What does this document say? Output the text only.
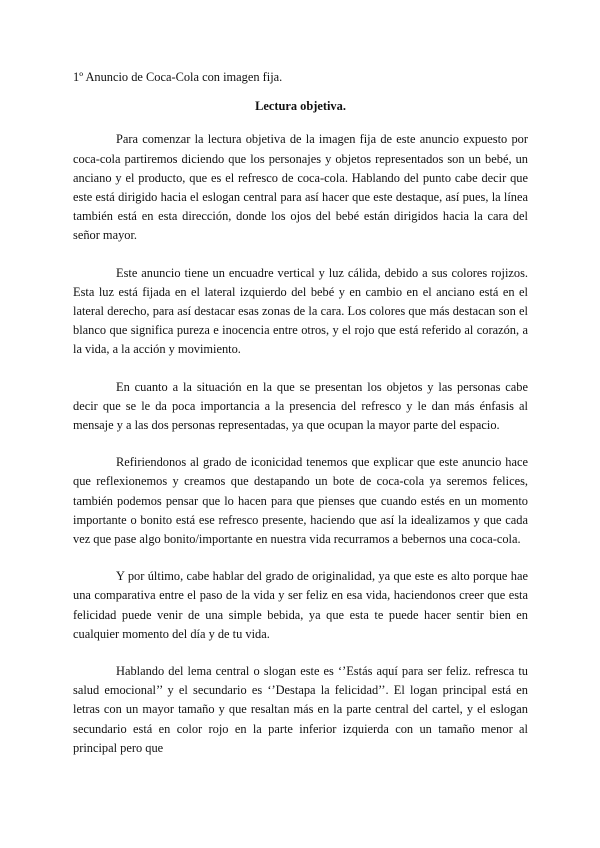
1º Anuncio de Coca-Cola con imagen fija.

Lectura objetiva.

Para comenzar la lectura objetiva de la imagen fija de este anuncio expuesto por coca-cola partiremos diciendo que los personajes y objetos representados son un bebé, un anciano y el producto, que es el refresco de coca-cola. Hablando del punto cabe decir que este está dirigido hacia el eslogan central para así hacer que este destaque, así pues, la línea también está en esta dirección, donde los ojos del bebé están dirigidos hacia la cara del señor mayor.

Este anuncio tiene un encuadre vertical y luz cálida, debido a sus colores rojizos. Esta luz está fijada en el lateral izquierdo del bebé y en cambio en el anciano está en el lateral derecho, para así destacar esas zonas de la cara. Los colores que más destacan son el blanco que significa pureza e inocencia entre otros, y el rojo que está referido al corazón, a la vida, a la acción y movimiento.

En cuanto a la situación en la que se presentan los objetos y las personas cabe decir que se le da poca importancia a la presencia del refresco y le dan más énfasis al mensaje y a las dos personas representadas, ya que ocupan la mayor parte del espacio.

Refiriendonos al grado de iconicidad tenemos que explicar que este anuncio hace que reflexionemos y creamos que destapando un bote de coca-cola ya seremos felices, también podemos pensar que lo hacen para que pienses que cuando estés en un momento importante o bonito está ese refresco presente, haciendo que así la idealizamos y que cada vez que pase algo bonito/importante en nuestra vida recurramos a bebernos una coca-cola.

Y por último, cabe hablar del grado de originalidad, ya que este es alto porque hae una comparativa entre el paso de la vida y ser feliz en esa vida, haciendonos creer que esta felicidad puede venir de una simple bebida, ya que esta te puede hacer sentir bien en cualquier momento del día y de tu vida.

Hablando del lema central o slogan este es ‘’Estás aquí para ser feliz. refresca tu salud emocional’’ y el secundario es ‘’Destapa la felicidad’’. El logan principal está en letras con un mayor tamaño y que resaltan más en la parte central del cartel, y el eslogan secundario está en color rojo en la parte inferior izquierda con un tamaño menor al principal pero que
